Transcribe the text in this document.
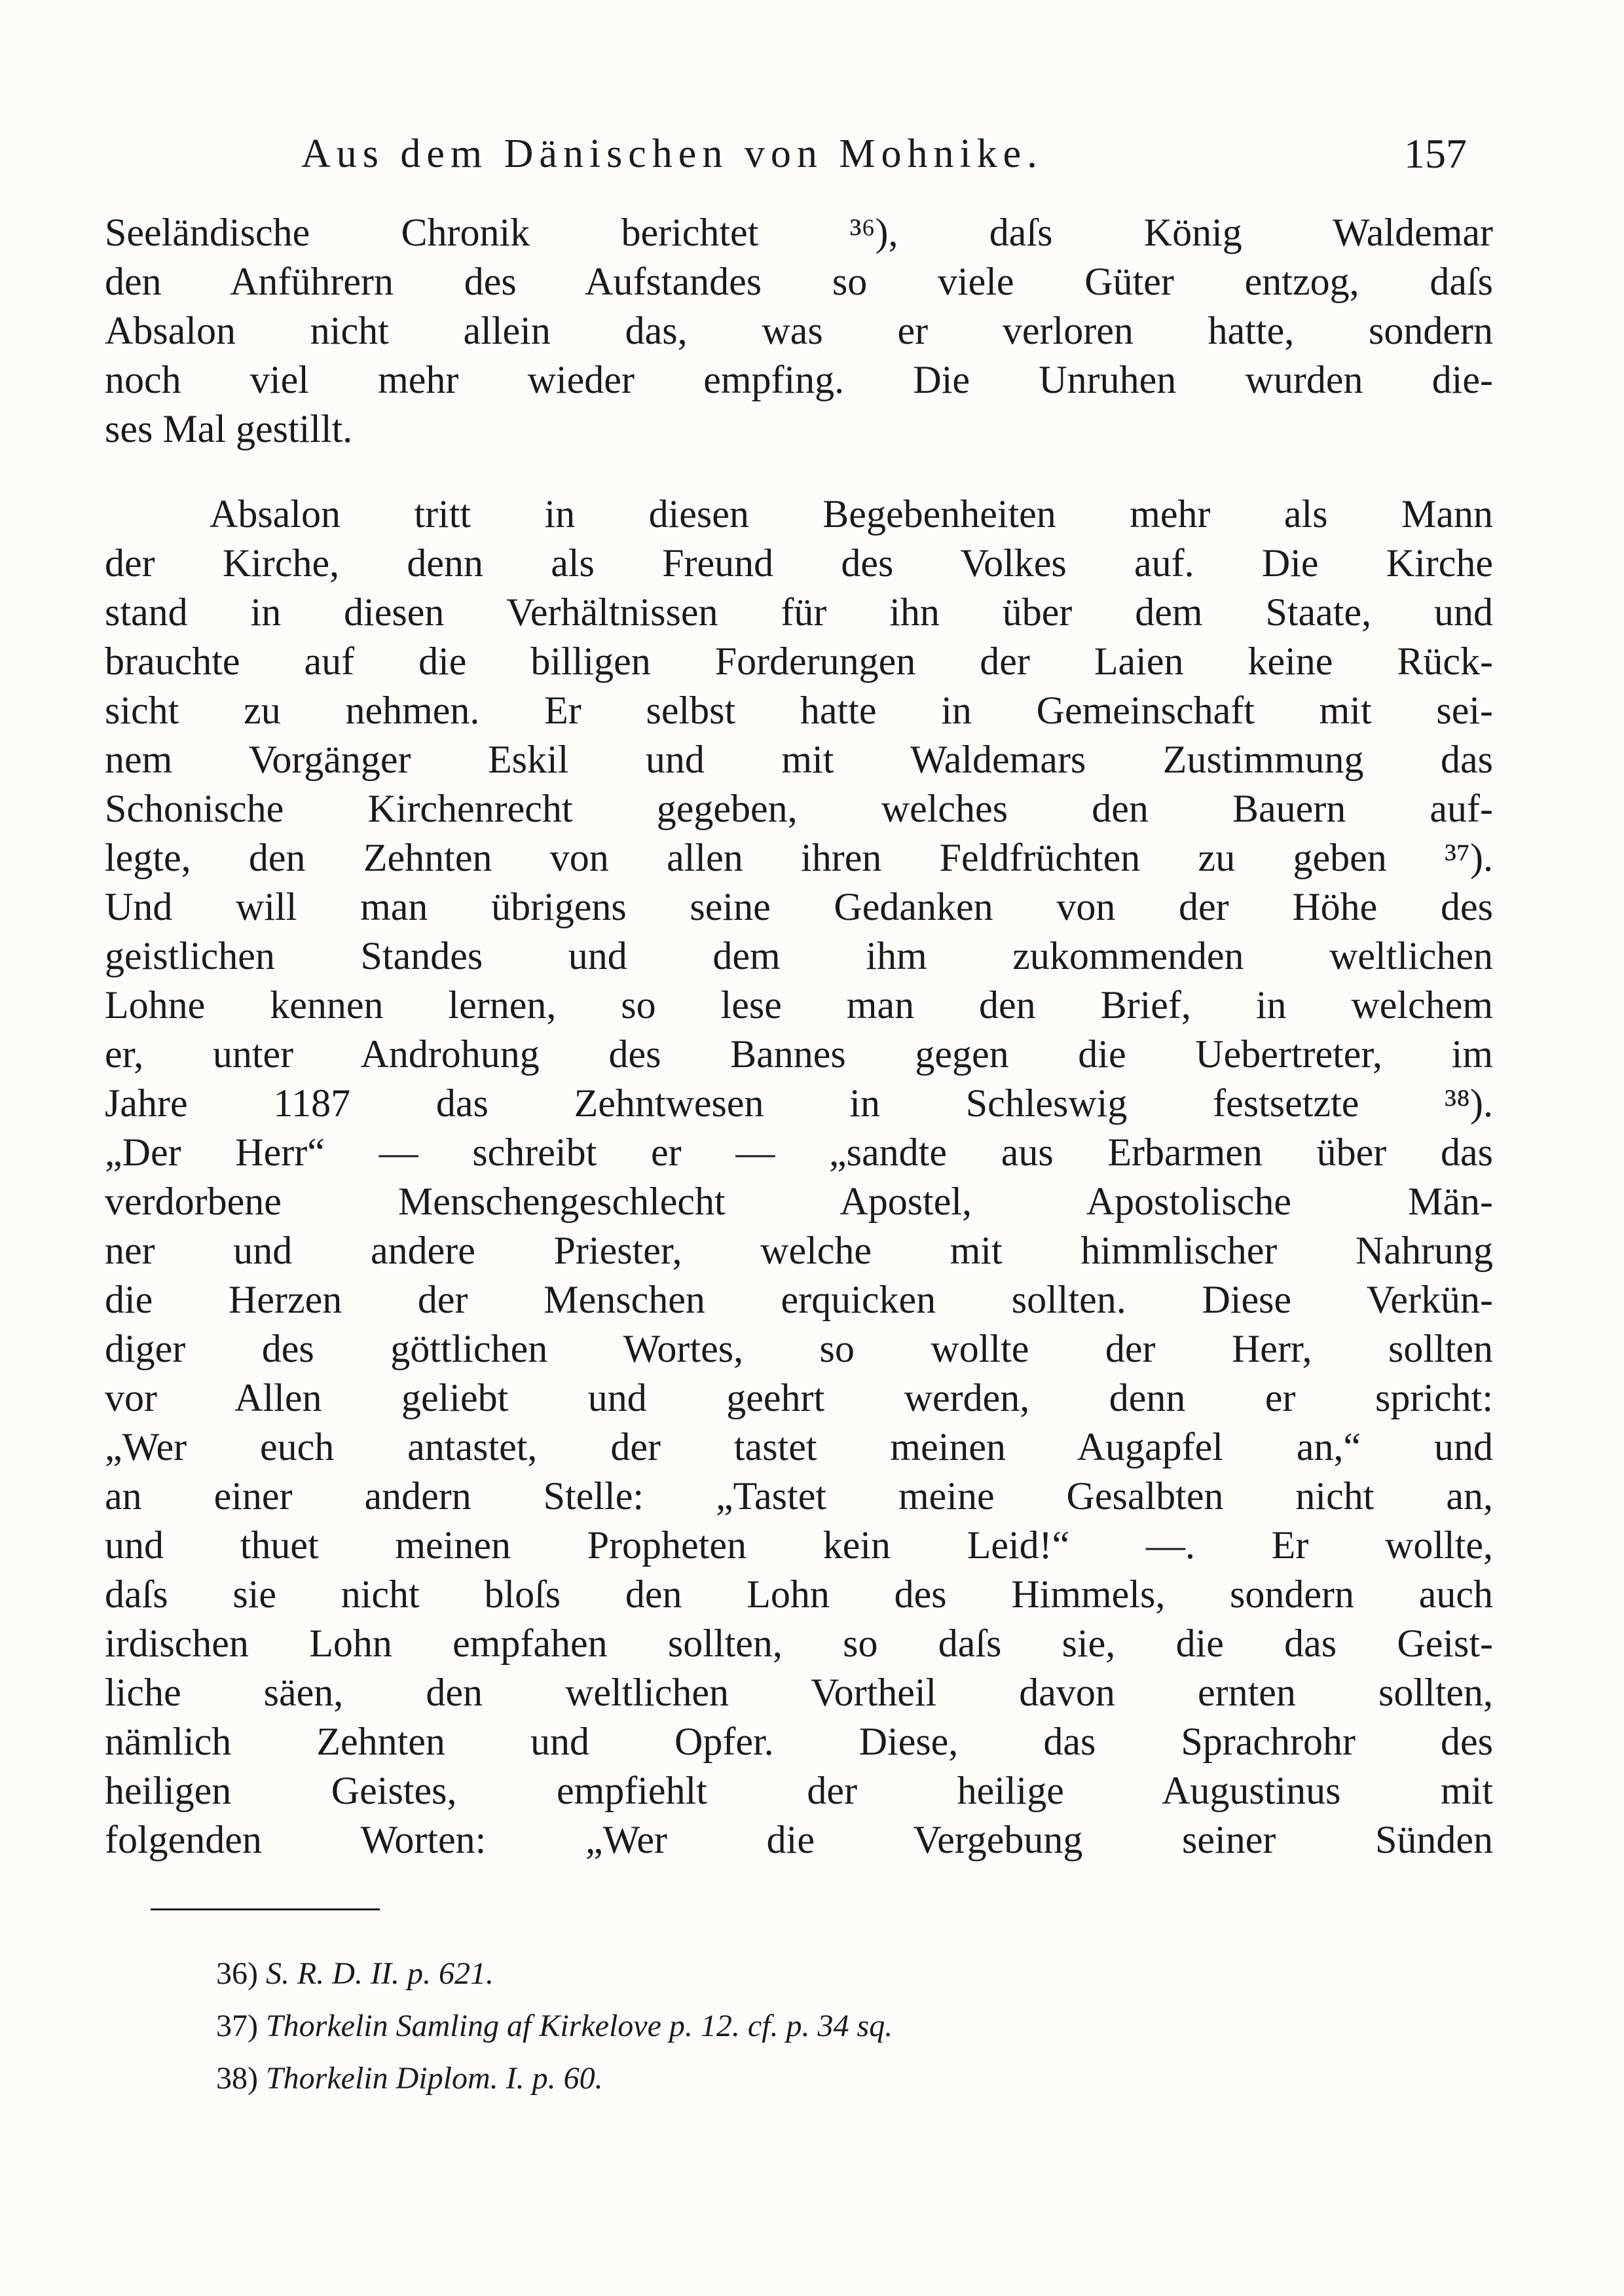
Aus dem Dänischen von Mohnike.	157
Seeländische Chronik berichtet ³⁶), daſs König Waldemar
den Anführern des Aufstandes so viele Güter entzog, daſs
Absalon nicht allein das, was er verloren hatte, sondern
noch viel mehr wieder empfing. Die Unruhen wurden die-
ses Mal gestillt.
Absalon tritt in diesen Begebenheiten mehr als Mann
der Kirche, denn als Freund des Volkes auf. Die Kirche
stand in diesen Verhältnissen für ihn über dem Staate, und
brauchte auf die billigen Forderungen der Laien keine Rück-
sicht zu nehmen. Er selbst hatte in Gemeinschaft mit sei-
nem Vorgänger Eskil und mit Waldemars Zustimmung das
Schonische Kirchenrecht gegeben, welches den Bauern auf-
legte, den Zehnten von allen ihren Feldfrüchten zu geben ³⁷).
Und will man übrigens seine Gedanken von der Höhe des
geistlichen Standes und dem ihm zukommenden weltlichen
Lohne kennen lernen, so lese man den Brief, in welchem
er, unter Androhung des Bannes gegen die Uebertreter, im
Jahre 1187 das Zehntwesen in Schleswig festsetzte ³⁸).
„Der Herr“ — schreibt er — „sandte aus Erbarmen über das
verdorbene Menschengeschlecht Apostel, Apostolische Män-
ner und andere Priester, welche mit himmlischer Nahrung
die Herzen der Menschen erquicken sollten. Diese Verkün-
diger des göttlichen Wortes, so wollte der Herr, sollten
vor Allen geliebt und geehrt werden, denn er spricht:
„Wer euch antastet, der tastet meinen Augapfel an,“ und
an einer andern Stelle: „Tastet meine Gesalbten nicht an,
und thuet meinen Propheten kein Leid!“ —. Er wollte,
daſs sie nicht bloſs den Lohn des Himmels, sondern auch
irdischen Lohn empfahen sollten, so daſs sie, die das Geist-
liche säen, den weltlichen Vortheil davon ernten sollten,
nämlich Zehnten und Opfer. Diese, das Sprachrohr des
heiligen Geistes, empfiehlt der heilige Augustinus mit
folgenden Worten: „Wer die Vergebung seiner Sünden
36) S. R. D. II. p. 621.
37) Thorkelin Samling af Kirkelove p. 12. cf. p. 34 sq.
38) Thorkelin Diplom. I. p. 60.
